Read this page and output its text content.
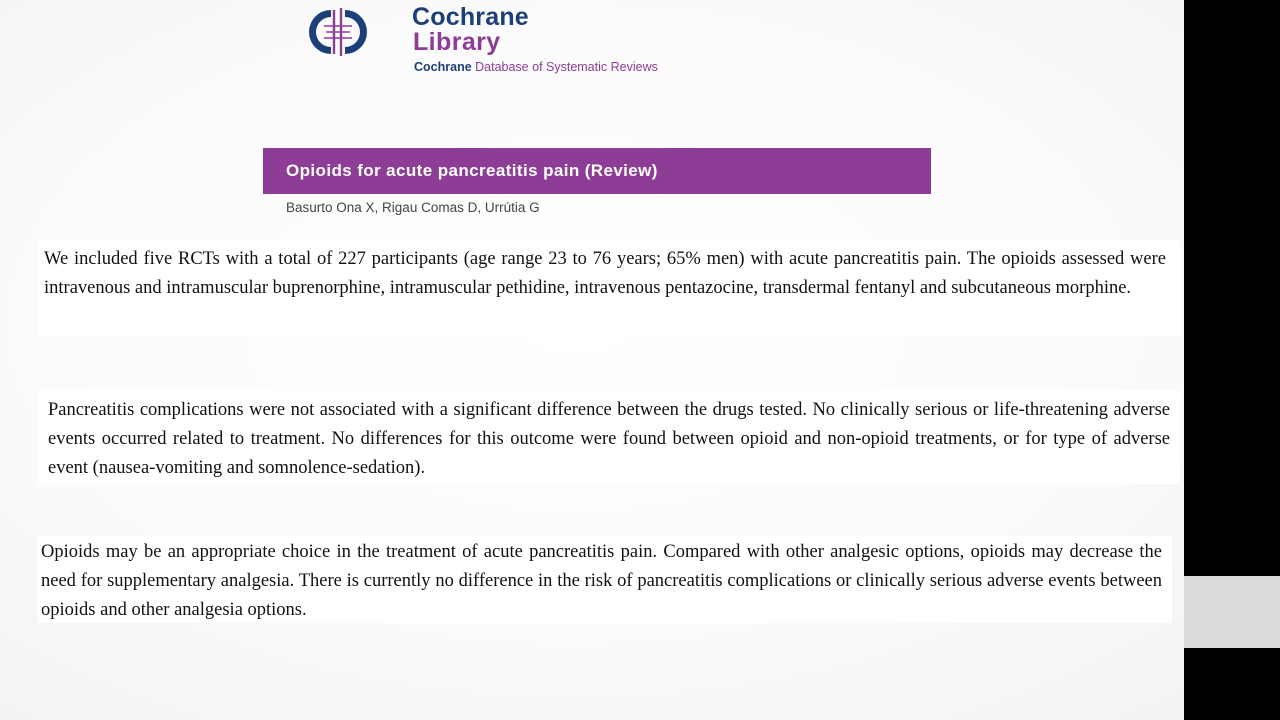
Cochrane
Library
Cochrane Database of Systematic Reviews
Opioids for acute pancreatitis pain (Review)
Basurto Ona X, Rigau Comas D, Urrútia G

We included five RCTs with a total of 227 participants (age range 23 to 76 years; 65% men) with acute pancreatitis pain. The opioids assessed were intravenous and intramuscular buprenorphine, intramuscular pethidine, intravenous pentazocine, transdermal fentanyl and subcutaneous morphine.

Pancreatitis complications were not associated with a significant difference between the drugs tested. No clinically serious or life-threatening adverse events occurred related to treatment. No differences for this outcome were found between opioid and non-opioid treatments, or for type of adverse event (nausea-vomiting and somnolence-sedation).

Opioids may be an appropriate choice in the treatment of acute pancreatitis pain. Compared with other analgesic options, opioids may decrease the need for supplementary analgesia. There is currently no difference in the risk of pancreatitis complications or clinically serious adverse events between opioids and other analgesia options.
